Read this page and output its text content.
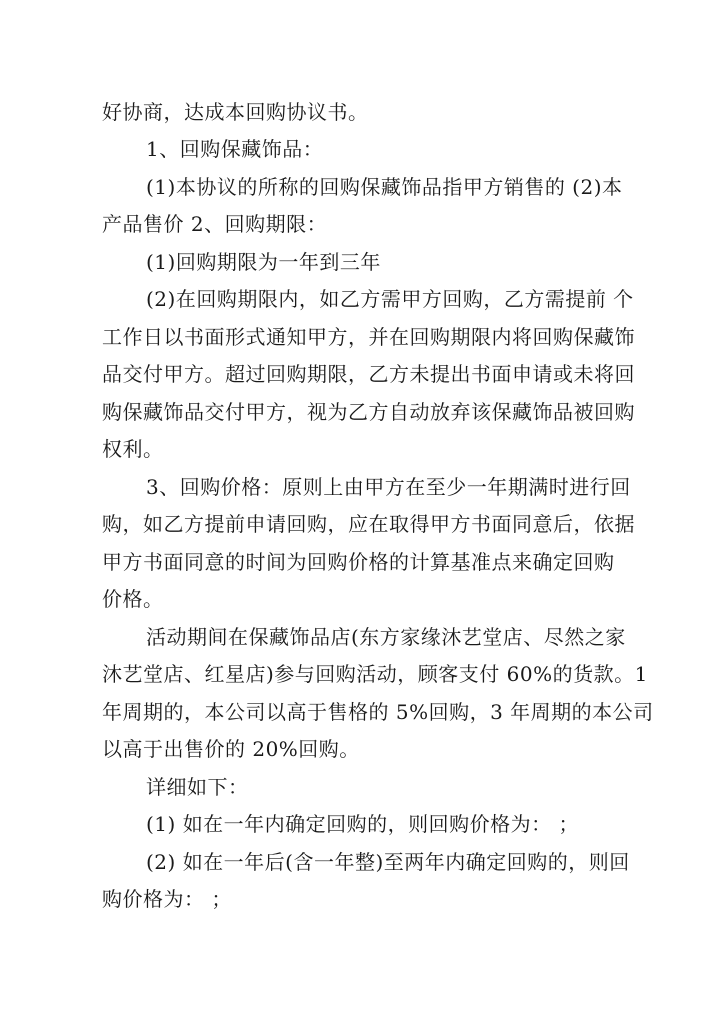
好协商，达成本回购协议书。
1、回购保藏饰品：
(1)本协议的所称的回购保藏饰品指甲方销售的 (2)本
产品售价 2、回购期限：
(1)回购期限为一年到三年
(2)在回购期限内，如乙方需甲方回购，乙方需提前 个
工作日以书面形式通知甲方，并在回购期限内将回购保藏饰
品交付甲方。超过回购期限，乙方未提出书面申请或未将回
购保藏饰品交付甲方，视为乙方自动放弃该保藏饰品被回购
权利。
3、回购价格：原则上由甲方在至少一年期满时进行回
购，如乙方提前申请回购，应在取得甲方书面同意后，依据
甲方书面同意的时间为回购价格的计算基准点来确定回购
价格。
活动期间在保藏饰品店(东方家缘沐艺堂店、尽然之家
沐艺堂店、红星店)参与回购活动，顾客支付 60%的货款。1
年周期的，本公司以高于售格的 5%回购，3 年周期的本公司
以高于出售价的 20%回购。
详细如下：
(1) 如在一年内确定回购的，则回购价格为： ；
(2) 如在一年后(含一年整)至两年内确定回购的，则回
购价格为： ；
